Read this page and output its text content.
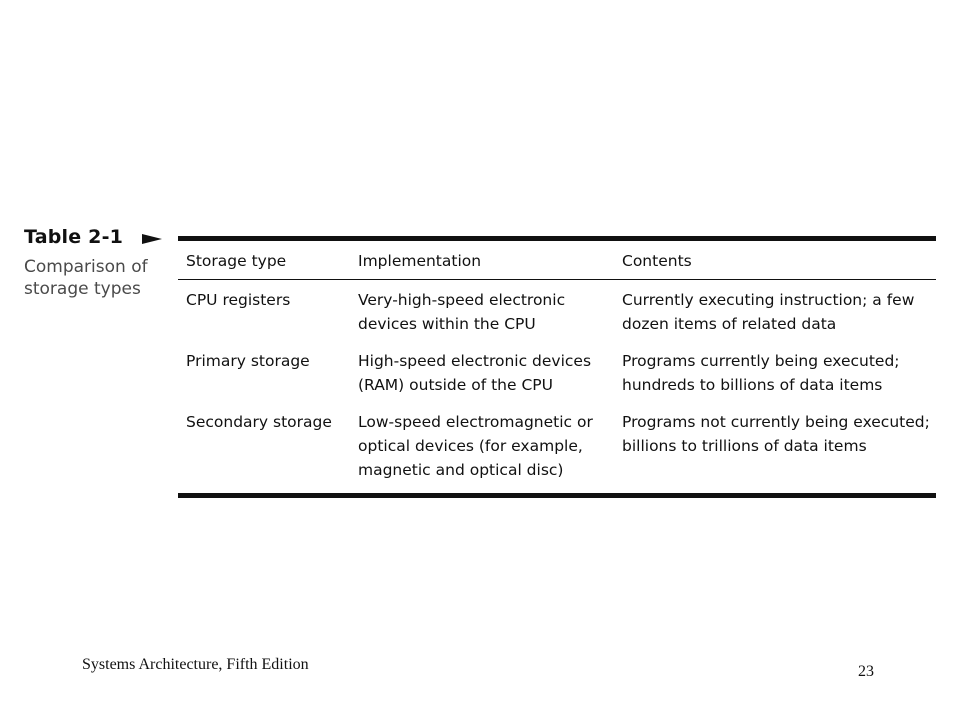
Table 2-1
Comparison of storage types
Storage type	Implementation	Contents
CPU registers	Very-high-speed electronic devices within the CPU	Currently executing instruction; a few dozen items of related data
Primary storage	High-speed electronic devices (RAM) outside of the CPU	Programs currently being executed; hundreds to billions of data items
Secondary storage	Low-speed electromagnetic or optical devices (for example, magnetic and optical disc)	Programs not currently being executed; billions to trillions of data items
Systems Architecture, Fifth Edition	23
